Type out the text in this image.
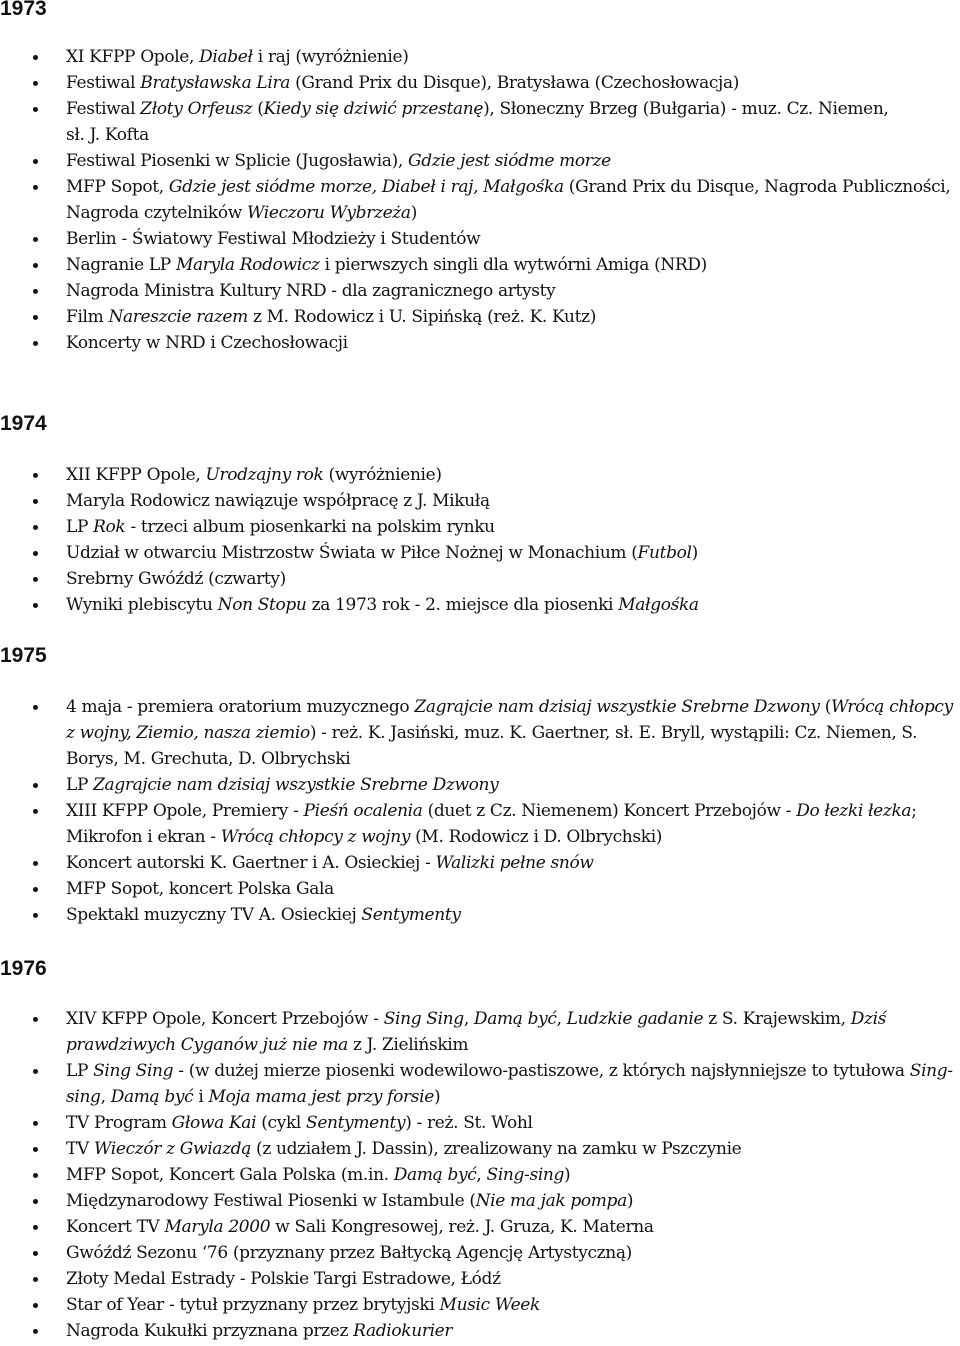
1973
XI KFPP Opole, Diabeł i raj (wyróżnienie)
Festiwal Bratysławska Lira (Grand Prix du Disque), Bratysława (Czechosłowacja)
Festiwal Złoty Orfeusz (Kiedy się dziwić przestanę), Słoneczny Brzeg (Bułgaria) - muz. Cz. Niemen,
sł. J. Kofta
Festiwal Piosenki w Splicie (Jugosławia), Gdzie jest siódme morze
MFP Sopot, Gdzie jest siódme morze, Diabeł i raj, Małgośka (Grand Prix du Disque, Nagroda Publiczności, Nagroda czytelników Wieczoru Wybrzeża)
Berlin - Światowy Festiwal Młodzieży i Studentów
Nagranie LP Maryla Rodowicz i pierwszych singli dla wytwórni Amiga (NRD)
Nagroda Ministra Kultury NRD - dla zagranicznego artysty
Film Nareszcie razem z M. Rodowicz i U. Sipińską (reż. K. Kutz)
Koncerty w NRD i Czechosłowacji
1974
XII KFPP Opole, Urodzajny rok (wyróżnienie)
Maryla Rodowicz nawiązuje współpracę z J. Mikułą
LP Rok - trzeci album piosenkarki na polskim rynku
Udział w otwarciu Mistrzostw Świata w Piłce Nożnej w Monachium (Futbol)
Srebrny Gwóźdź (czwarty)
Wyniki plebiscytu Non Stopu za 1973 rok - 2. miejsce dla piosenki Małgośka
1975
4 maja - premiera oratorium muzycznego Zagrajcie nam dzisiaj wszystkie Srebrne Dzwony (Wrócą chłopcy z wojny, Ziemio, nasza ziemio) - reż. K. Jasiński, muz. K. Gaertner, sł. E. Bryll, wystąpili: Cz. Niemen, S. Borys, M. Grechuta, D. Olbrychski
LP Zagrajcie nam dzisiaj wszystkie Srebrne Dzwony
XIII KFPP Opole, Premiery - Pieśń ocalenia (duet z Cz. Niemenem) Koncert Przebojów - Do łezki łezka; Mikrofon i ekran - Wrócą chłopcy z wojny (M. Rodowicz i D. Olbrychski)
Koncert autorski K. Gaertner i A. Osieckiej - Walizki pełne snów
MFP Sopot, koncert Polska Gala
Spektakl muzyczny TV A. Osieckiej Sentymenty
1976
XIV KFPP Opole, Koncert Przebojów - Sing Sing, Damą być, Ludzkie gadanie z S. Krajewskim, Dziś prawdziwych Cyganów już nie ma z J. Zielińskim
LP Sing Sing - (w dużej mierze piosenki wodewilowo-pastiszowe, z których najsłynniejsze to tytułowa Sing-sing, Damą być i Moja mama jest przy forsie)
TV Program Głowa Kai (cykl Sentymenty) - reż. St. Wohl
TV Wieczór z Gwiazdą (z udziałem J. Dassin), zrealizowany na zamku w Pszczynie
MFP Sopot, Koncert Gala Polska (m.in. Damą być, Sing-sing)
Międzynarodowy Festiwal Piosenki w Istambule (Nie ma jak pompa)
Koncert TV Maryla 2000 w Sali Kongresowej, reż. J. Gruza, K. Materna
Gwóźdź Sezonu ‘76 (przyznany przez Bałtycką Agencję Artystyczną)
Złoty Medal Estrady - Polskie Targi Estradowe, Łódź
Star of Year - tytuł przyznany przez brytyjski Music Week
Nagroda Kukułki przyznana przez Radiokurier
